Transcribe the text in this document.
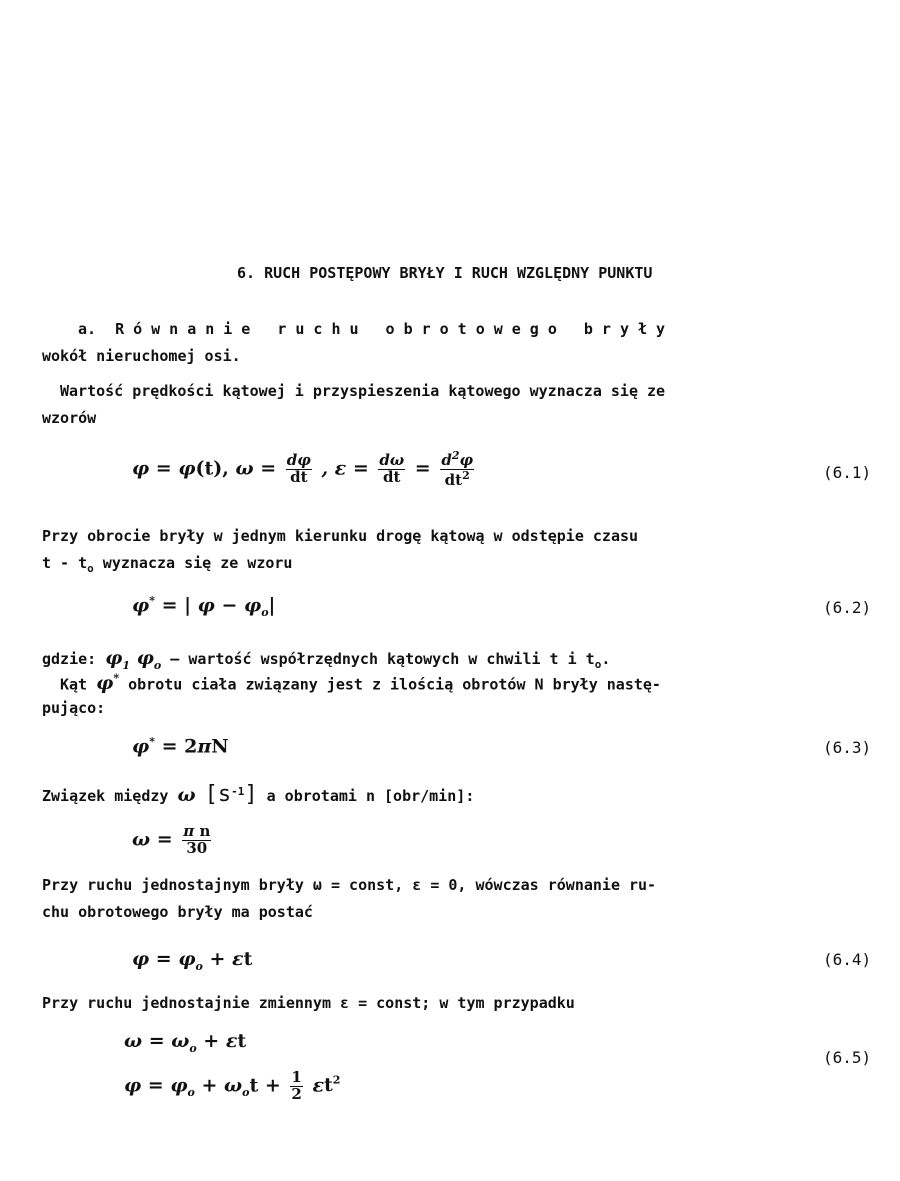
6. RUCH POSTĘPOWY BRYŁY I RUCH WZGLĘDNY PUNKTU
a. Równanie ruchu obrotowego bryły
wokół nieruchomej osi.
Wartość prędkości kątowej i przyspieszenia kątowego wyznacza się ze
wzorów
φ = φ(t), $\omega = \frac{d\varphi}{dt}$ , $\varepsilon = \frac{d\omega}{dt} = \frac{d^2\varphi}{dt^2}$	(6.1)
Przy obrocie bryły w jednym kierunku drogę kątową w odstępie czasu
t - $t_o$ wyznacza się ze wzoru
φ* = | $\varphi - \varphi_o|$	(6.2)
gdzie: $\varphi_1$ $\varphi_o$ – wartość współrzędnych kątowych w chwili t i $t_o$.
Kąt φ* obrotu ciała związany jest z ilością obrotów N bryły nastę-
pująco:
φ* = 2πN	(6.3)
Związek między ω $[s^{-1}]$ a obrotami n [obr/min]:
$\omega = \frac{\text{π n}}{30}$
Przy ruchu jednostajnym bryły ω = const, ε = 0, wówczas równanie ru-
chu obrotowego bryły ma postać
$\varphi = \varphi_o + \varepsilon t$	(6.4)
Przy ruchu jednostajnie zmiennym ε = const; w tym przypadku
$\omega = \omega_o + \varepsilon t$
$\varphi = \varphi_o + \omega_ot + \frac{1}{2} \varepsilon t^2$
(6.5)
